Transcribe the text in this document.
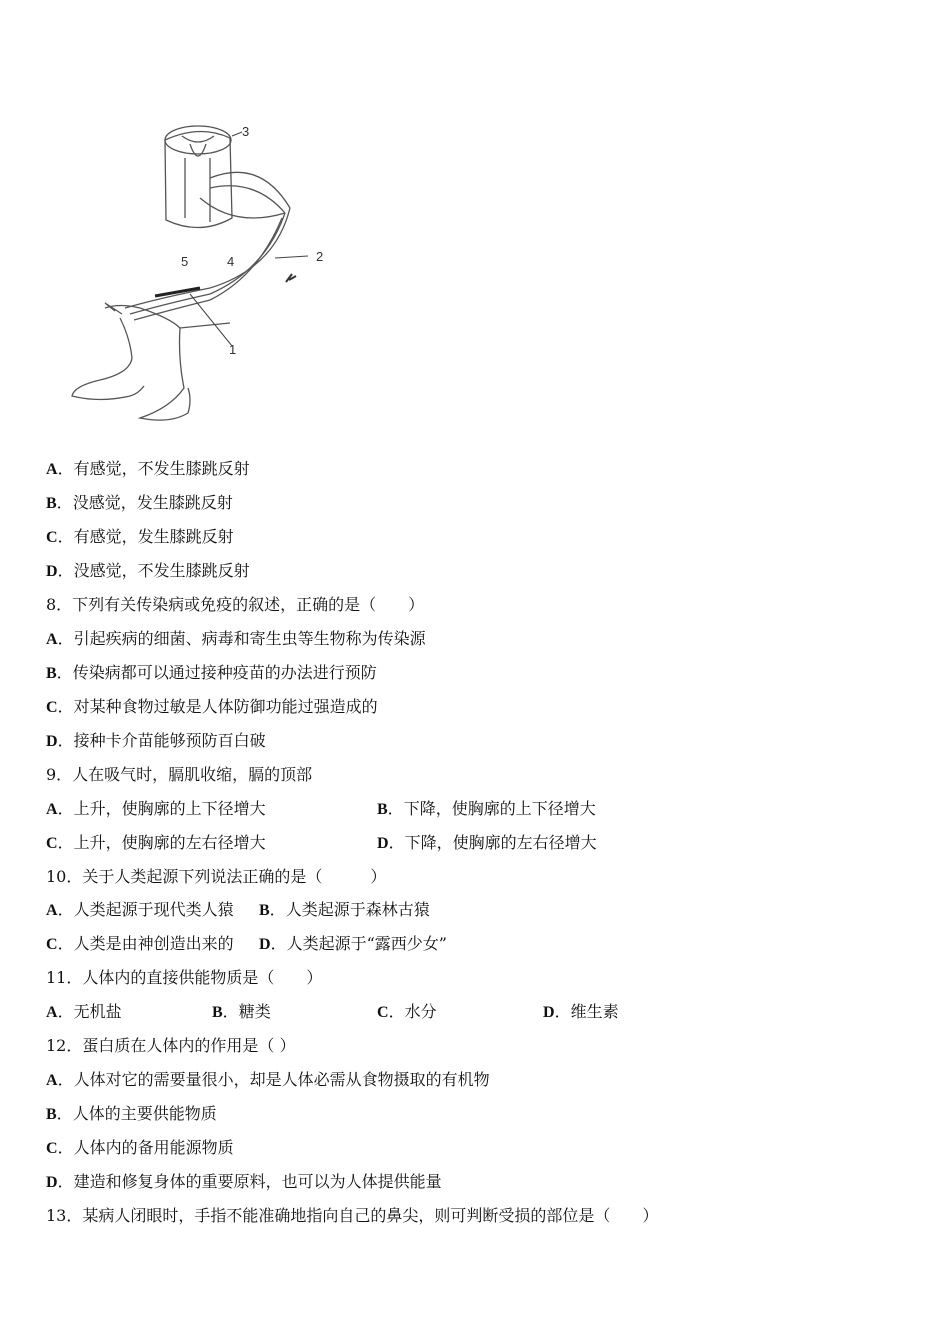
3
2
5	4
1
A．有感觉，不发生膝跳反射
B．没感觉，发生膝跳反射
C．有感觉，发生膝跳反射
D．没感觉，不发生膝跳反射
8．下列有关传染病或免疫的叙述，正确的是（　　）
A．引起疾病的细菌、病毒和寄生虫等生物称为传染源
B．传染病都可以通过接种疫苗的办法进行预防
C．对某种食物过敏是人体防御功能过强造成的
D．接种卡介苗能够预防百白破
9．人在吸气时，膈肌收缩，膈的顶部
A．上升，使胸廓的上下径增大	B．下降，使胸廓的上下径增大
C．上升，使胸廓的左右径增大	D．下降，使胸廓的左右径增大
10．关于人类起源下列说法正确的是（　　　）
A．人类起源于现代类人猿 B．人类起源于森林古猿
C．人类是由神创造出来的 D．人类起源于“露西少女”
11．人体内的直接供能物质是（　　）
A．无机盐	B．糖类	C．水分	D．维生素
12．蛋白质在人体内的作用是（ ）
A．人体对它的需要量很小，却是人体必需从食物摄取的有机物
B．人体的主要供能物质
C．人体内的备用能源物质
D．建造和修复身体的重要原料，也可以为人体提供能量
13．某病人闭眼时，手指不能准确地指向自己的鼻尖，则可判断受损的部位是（　　）
